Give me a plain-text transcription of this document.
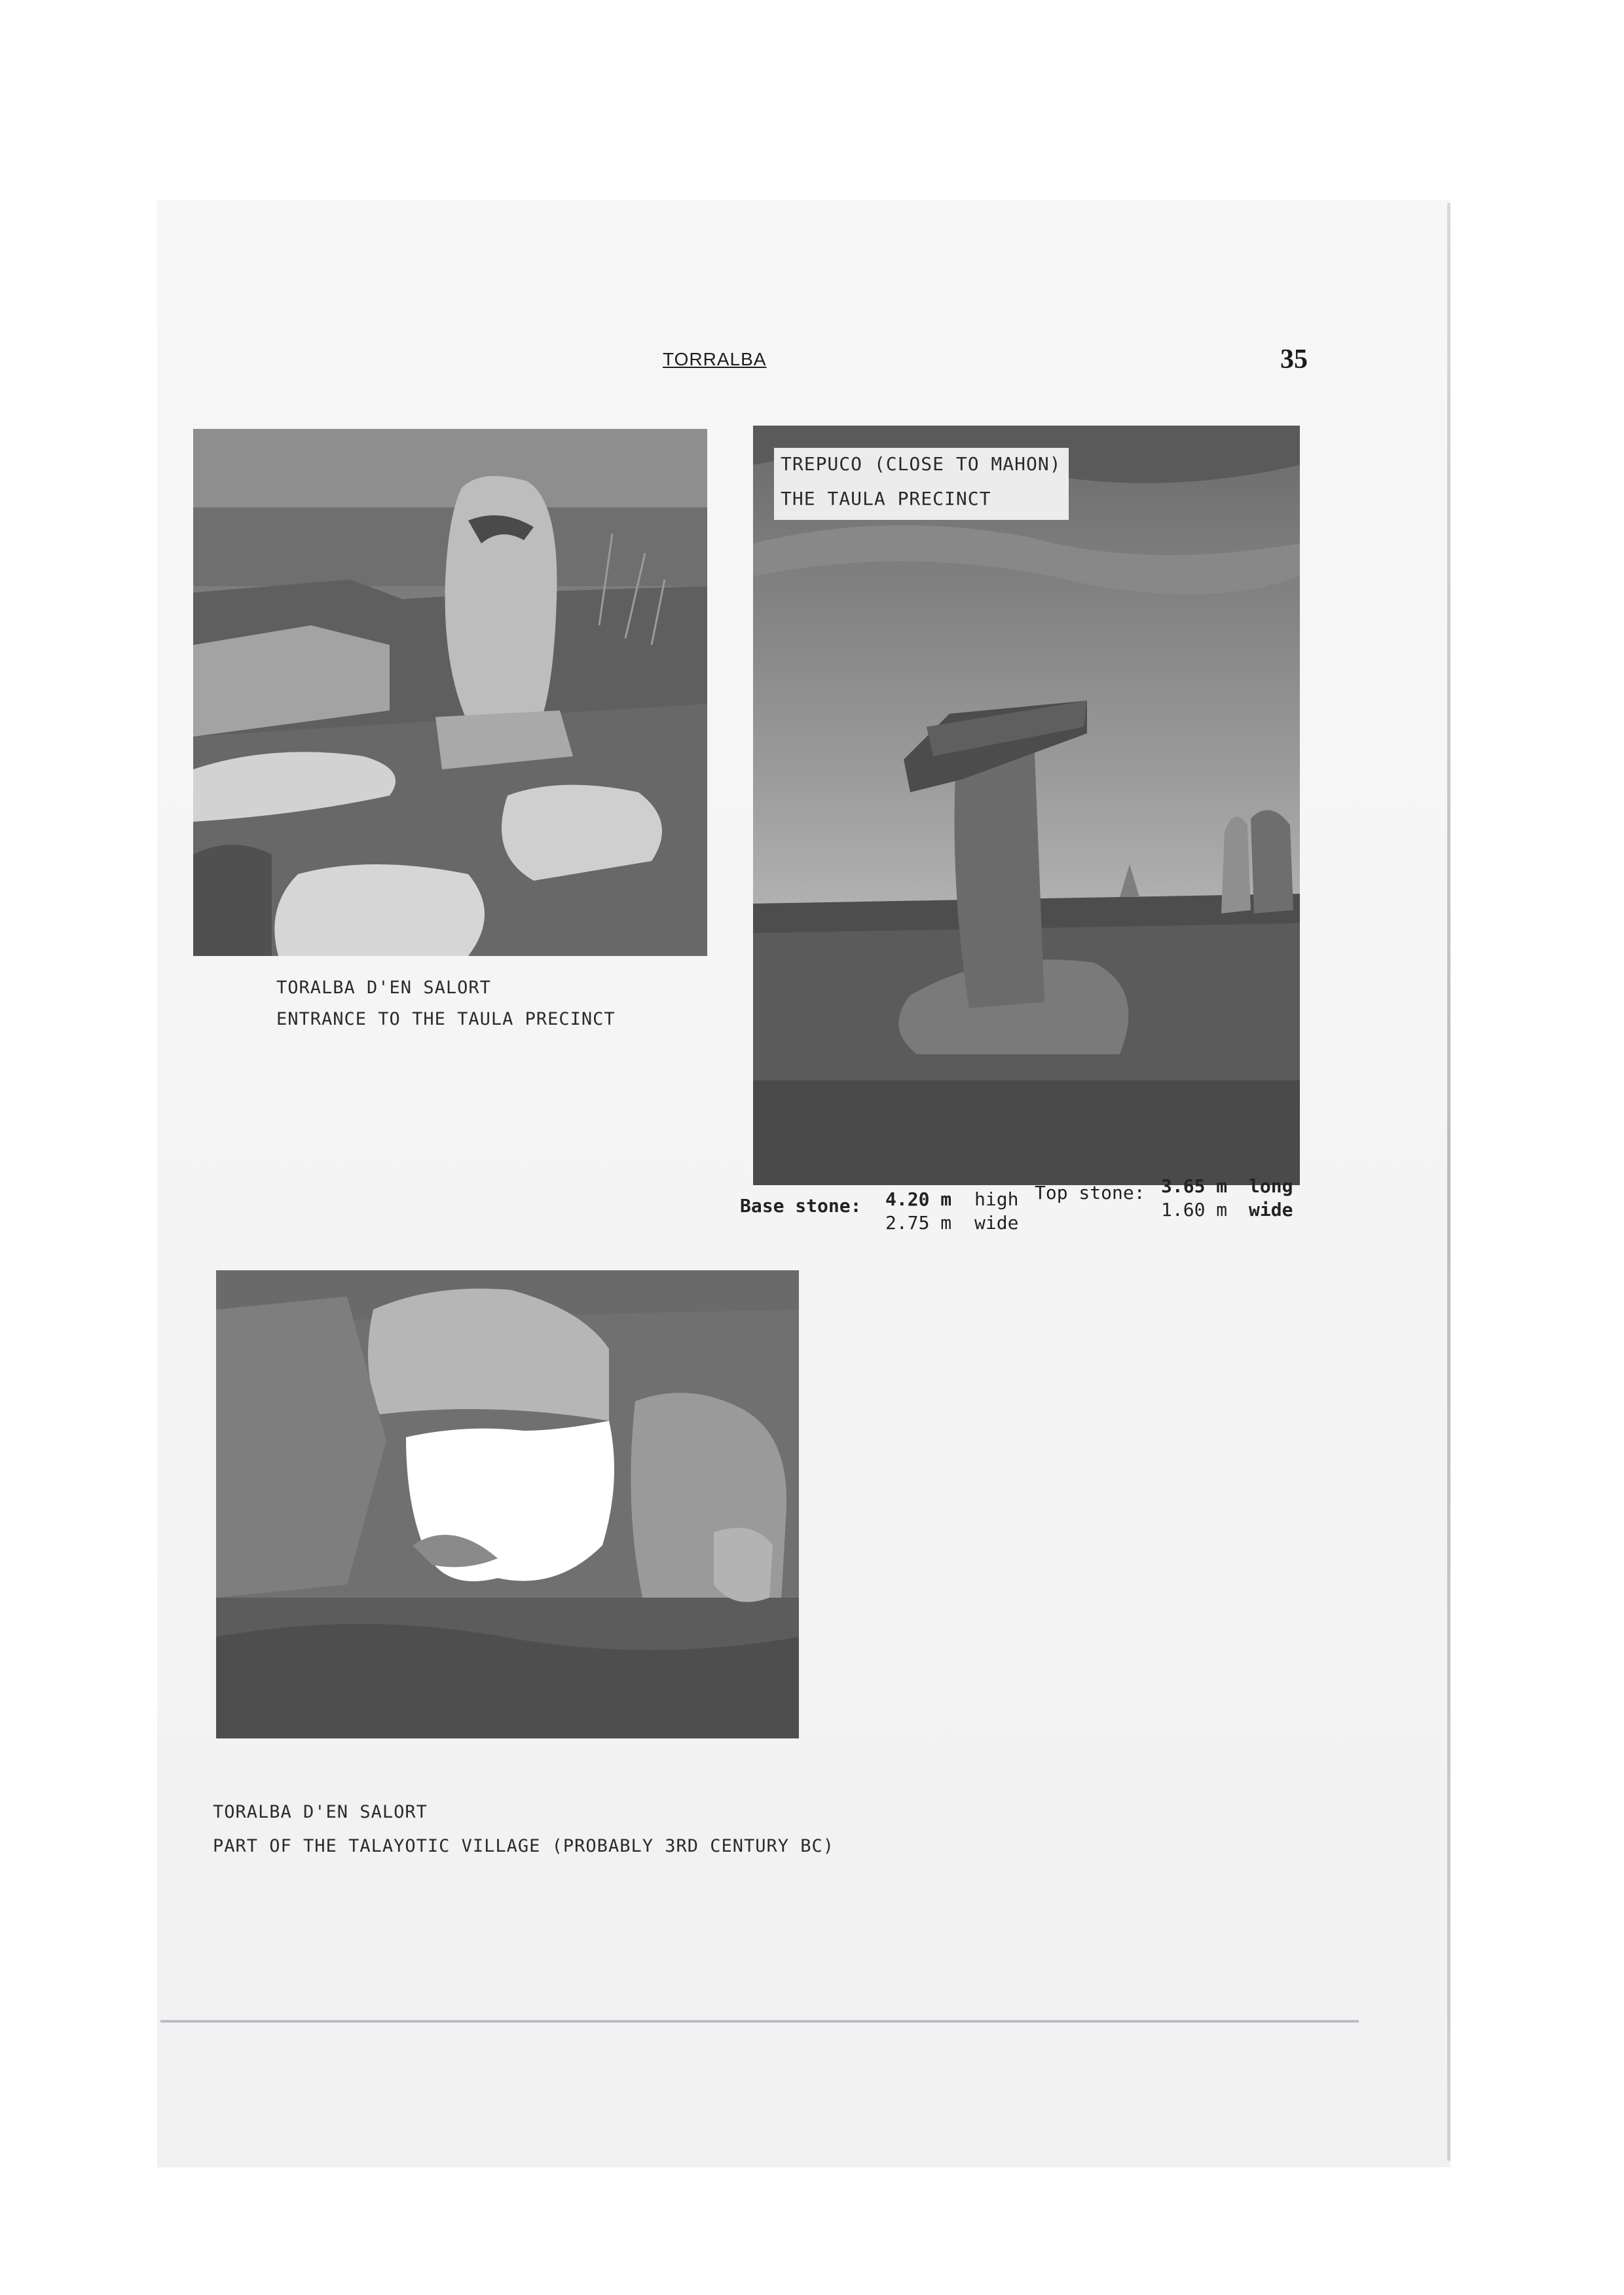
TORRALBA	35
TORALBA D'EN SALORT
ENTRANCE TO THE TAULA PRECINCT
TREPUCO (CLOSE TO MAHON)
THE TAULA PRECINCT
Base stone: 4.20 m high
2.75 m wide
Top stone: 3.65 m long
1.60 m wide
TORALBA D'EN SALORT
PART OF THE TALAYOTIC VILLAGE (PROBABLY 3RD CENTURY BC)
